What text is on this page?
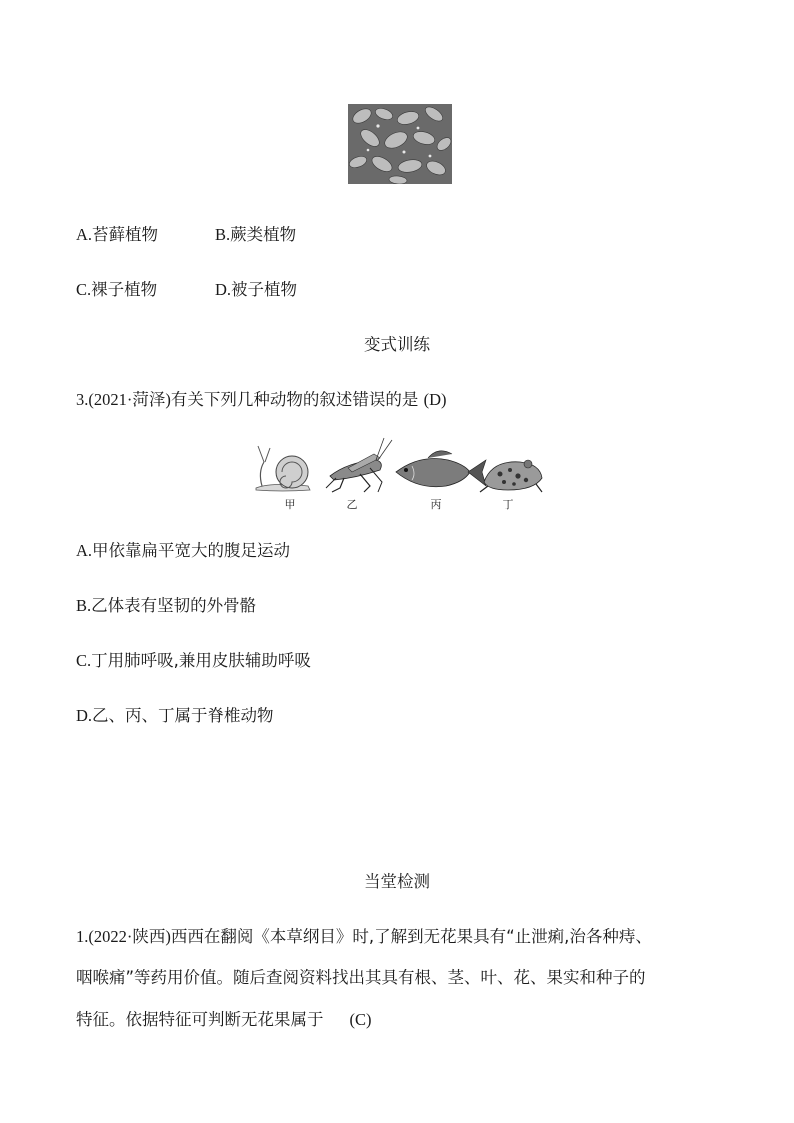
A.苔藓植物	B.蕨类植物
C.裸子植物	D.被子植物
变式训练
3.(2021·菏泽)有关下列几种动物的叙述错误的是 (D)
甲	乙	丙	丁
A.甲依靠扁平宽大的腹足运动
B.乙体表有坚韧的外骨骼
C.丁用肺呼吸,兼用皮肤辅助呼吸
D.乙、丙、丁属于脊椎动物
当堂检测
1.(2022·陕西)西西在翻阅《本草纲目》时,了解到无花果具有“止泄痢,治各种痔、
咽喉痛”等药用价值。随后查阅资料找出其具有根、茎、叶、花、果实和种子的
特征。依据特征可判断无花果属于 (C)
